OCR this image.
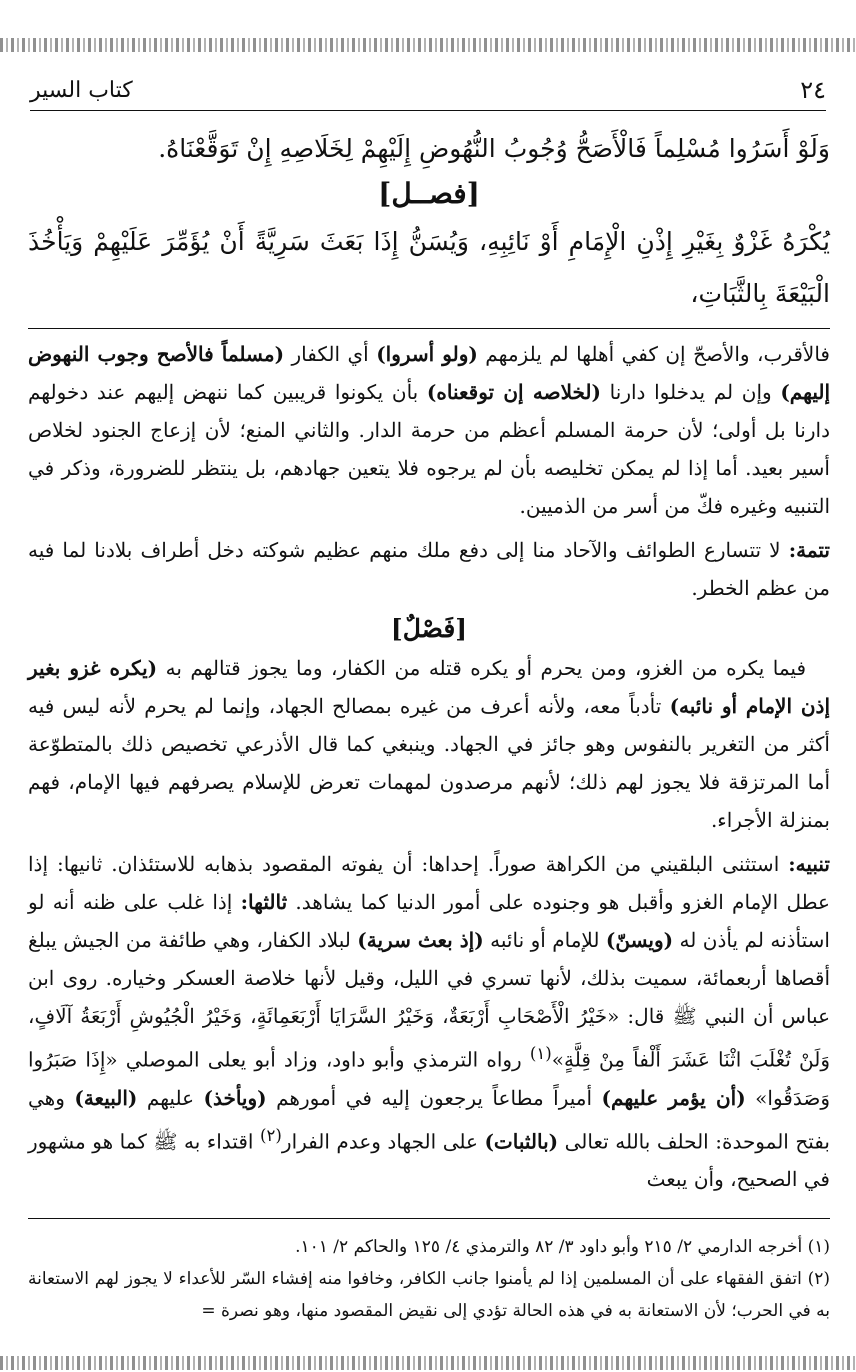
٢٤
كتاب السير

وَلَوْ أَسَرُوا مُسْلِماً فَالْأَصَحُّ وُجُوبُ النُّهُوضِ إِلَيْهِمْ لِخَلَاصِهِ إِنْ تَوَقَّعْنَاهُ.

[فصــل]

يُكْرَهُ غَزْوٌ بِغَيْرِ إِذْنِ الْإِمَامِ أَوْ نَائِبِهِ، وَيُسَنُّ إِذَا بَعَثَ سَرِيَّةً أَنْ يُؤَمِّرَ عَلَيْهِمْ وَيَأْخُذَ الْبَيْعَةَ بِالثَّبَاتِ،

فالأقرب، والأصحّ إن كفي أهلها لم يلزمهم (ولو أسروا) أي الكفار (مسلماً فالأصح وجوب النهوض إليهم) وإن لم يدخلوا دارنا (لخلاصه إن توقعناه) بأن يكونوا قريبين كما ننهض إليهم عند دخولهم دارنا بل أولى؛ لأن حرمة المسلم أعظم من حرمة الدار. والثاني المنع؛ لأن إزعاج الجنود لخلاص أسير بعيد. أما إذا لم يمكن تخليصه بأن لم يرجوه فلا يتعين جهادهم، بل ينتظر للضرورة، وذكر في التنبيه وغيره فكّ من أسر من الذميين.

تتمة: لا تتسارع الطوائف والآحاد منا إلى دفع ملك منهم عظيم شوكته دخل أطراف بلادنا لما فيه من عظم الخطر.

[فَصْلٌ]

فيما يكره من الغزو، ومن يحرم أو يكره قتله من الكفار، وما يجوز قتالهم به (يكره غزو بغير إذن الإمام أو نائبه) تأدباً معه، ولأنه أعرف من غيره بمصالح الجهاد، وإنما لم يحرم لأنه ليس فيه أكثر من التغرير بالنفوس وهو جائز في الجهاد. وينبغي كما قال الأذرعي تخصيص ذلك بالمتطوّعة أما المرتزقة فلا يجوز لهم ذلك؛ لأنهم مرصدون لمهمات تعرض للإسلام يصرفهم فيها الإمام، فهم بمنزلة الأجراء.

تنبيه: استثنى البلقيني من الكراهة صوراً. إحداها: أن يفوته المقصود بذهابه للاستئذان. ثانيها: إذا عطل الإمام الغزو وأقبل هو وجنوده على أمور الدنيا كما يشاهد. ثالثها: إذا غلب على ظنه أنه لو استأذنه لم يأذن له (ويسنّ) للإمام أو نائبه (إذ بعث سرية) لبلاد الكفار، وهي طائفة من الجيش يبلغ أقصاها أربعمائة، سميت بذلك، لأنها تسري في الليل، وقيل لأنها خلاصة العسكر وخياره. روى ابن عباس أن النبي ﷺ قال: «خَيْرُ الْأَصْحَابِ أَرْبَعَةٌ، وَخَيْرُ السَّرَايَا أَرْبَعَمِائَةٍ، وَخَيْرُ الْجُيُوشِ أَرْبَعَةُ آلَافٍ، وَلَنْ تُغْلَبَ اثْنَا عَشَرَ أَلْفاً مِنْ قِلَّةٍ»$^{(١)}$ رواه الترمذي وأبو داود، وزاد أبو يعلى الموصلي «إِذَا صَبَرُوا وَصَدَقُوا» (أن يؤمر عليهم) أميراً مطاعاً يرجعون إليه في أمورهم (ويأخذ) عليهم (البيعة) وهي بفتح الموحدة: الحلف بالله تعالى (بالثبات) على الجهاد وعدم الفرار$^{(٢)}$ اقتداء به ﷺ كما هو مشهور في الصحيح، وأن يبعث

(١) أخرجه الدارمي ٢/ ٢١٥ وأبو داود ٣/ ٨٢ والترمذي ٤/ ١٢٥ والحاكم ٢/ ١٠١.

(٢) اتفق الفقهاء على أن المسلمين إذا لم يأمنوا جانب الكافر، وخافوا منه إفشاء السّر للأعداء لا يجوز لهم الاستعانة به في الحرب؛ لأن الاستعانة به في هذه الحالة تؤدي إلى نقيض المقصود منها، وهو نصرة =
